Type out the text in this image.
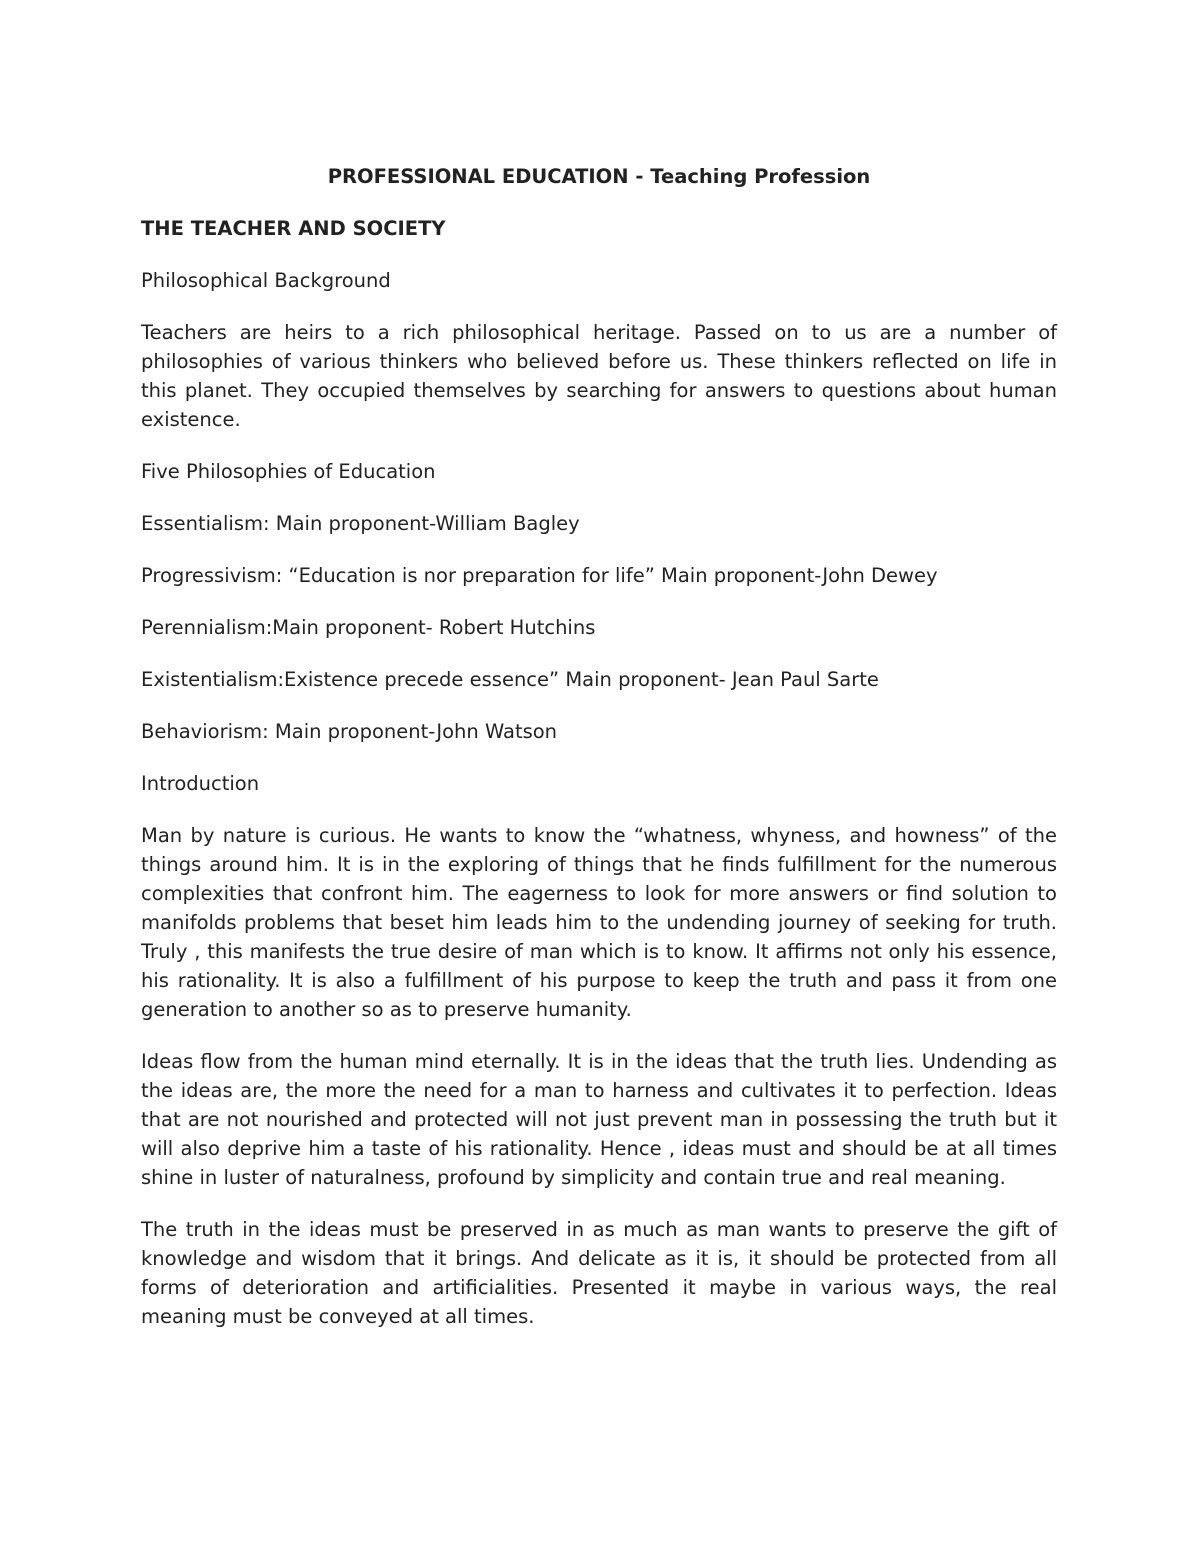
PROFESSIONAL EDUCATION - Teaching Profession
THE TEACHER AND SOCIETY
Philosophical Background
Teachers are heirs to a rich philosophical heritage. Passed on to us are a number of philosophies of various thinkers who believed before us. These thinkers reflected on life in this planet. They occupied themselves by searching for answers to questions about human existence.
Five Philosophies of Education
Essentialism: Main proponent-William Bagley
Progressivism: “Education is nor preparation for life” Main proponent-John Dewey
Perennialism:Main proponent- Robert Hutchins
Existentialism:Existence precede essence” Main proponent- Jean Paul Sarte
Behaviorism: Main proponent-John Watson
Introduction
Man by nature is curious. He wants to know the “whatness, whyness, and howness” of the things around him. It is in the exploring of things that he finds fulfillment for the numerous complexities that confront him. The eagerness to look for more answers or find solution to manifolds problems that beset him leads him to the undending journey of seeking for truth. Truly , this manifests the true desire of man which is to know. It affirms not only his essence, his rationality. It is also a fulfillment of his purpose to keep the truth and pass it from one generation to another so as to preserve humanity.
Ideas flow from the human mind eternally. It is in the ideas that the truth lies. Undending as the ideas are, the more the need for a man to harness and cultivates it to perfection. Ideas that are not nourished and protected will not just prevent man in possessing the truth but it will also deprive him a taste of his rationality. Hence , ideas must and should be at all times shine in luster of naturalness, profound by simplicity and contain true and real meaning.
The truth in the ideas must be preserved in as much as man wants to preserve the gift of knowledge and wisdom that it brings. And delicate as it is, it should be protected from all forms of deterioration and artificialities. Presented it maybe in various ways, the real meaning must be conveyed at all times.
